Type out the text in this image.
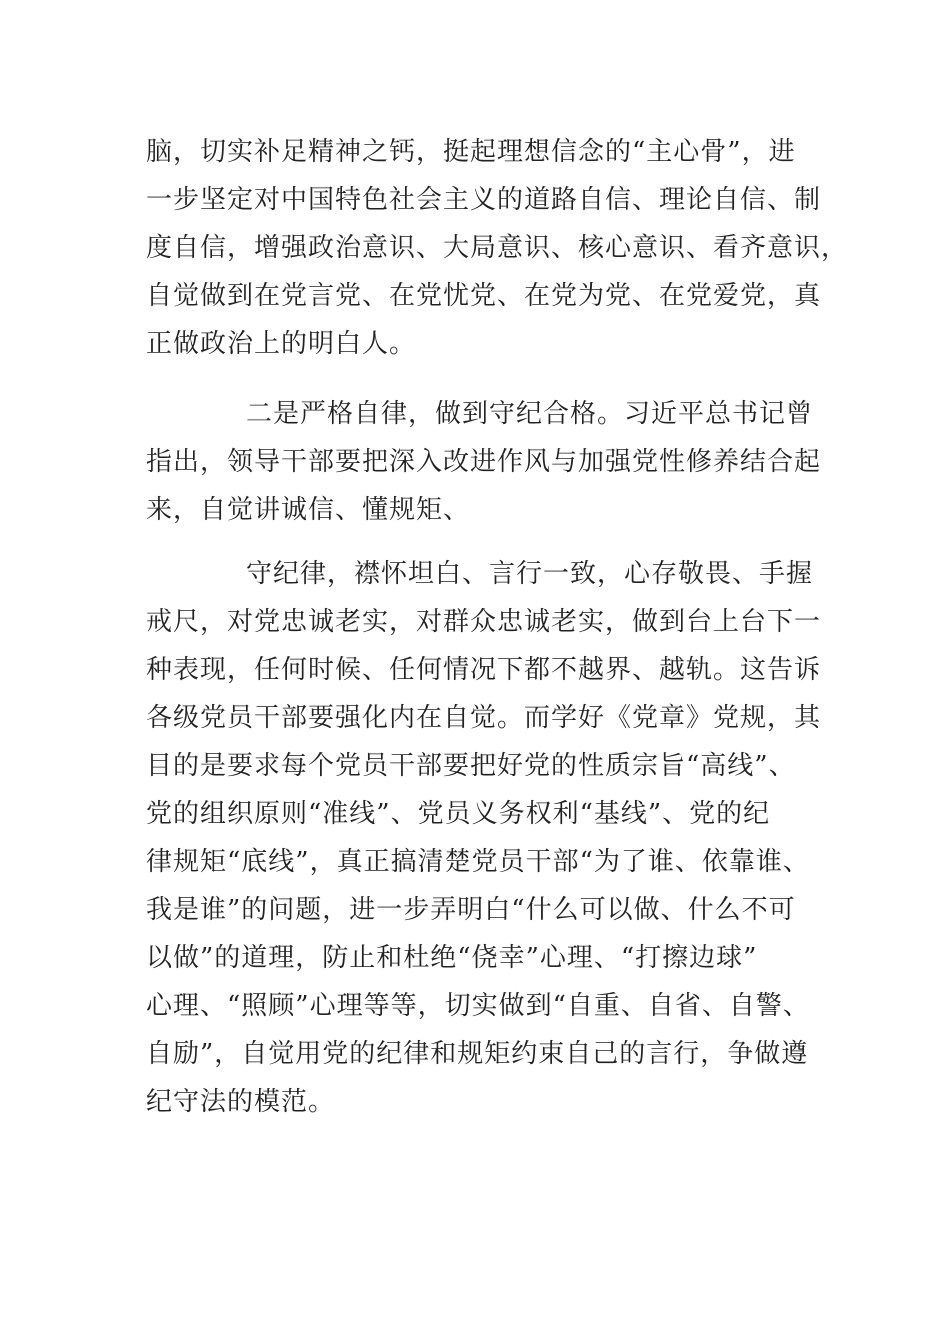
脑，切实补足精神之钙，挺起理想信念的“主心骨”，进
一步坚定对中国特色社会主义的道路自信、理论自信、制
度自信，增强政治意识、大局意识、核心意识、看齐意识，
自觉做到在党言党、在党忧党、在党为党、在党爱党，真
正做政治上的明白人。
二是严格自律，做到守纪合格。习近平总书记曾
指出，领导干部要把深入改进作风与加强党性修养结合起
来，自觉讲诚信、懂规矩、
守纪律，襟怀坦白、言行一致，心存敬畏、手握
戒尺，对党忠诚老实，对群众忠诚老实，做到台上台下一
种表现，任何时候、任何情况下都不越界、越轨。这告诉
各级党员干部要强化内在自觉。而学好《党章》党规，其
目的是要求每个党员干部要把好党的性质宗旨“高线”、
党的组织原则“准线”、党员义务权利“基线”、党的纪
律规矩“底线”，真正搞清楚党员干部“为了谁、依靠谁、
我是谁”的问题，进一步弄明白“什么可以做、什么不可
以做”的道理，防止和杜绝“侥幸”心理、“打擦边球”
心理、“照顾”心理等等，切实做到“自重、自省、自警、
自励”，自觉用党的纪律和规矩约束自己的言行，争做遵
纪守法的模范。
